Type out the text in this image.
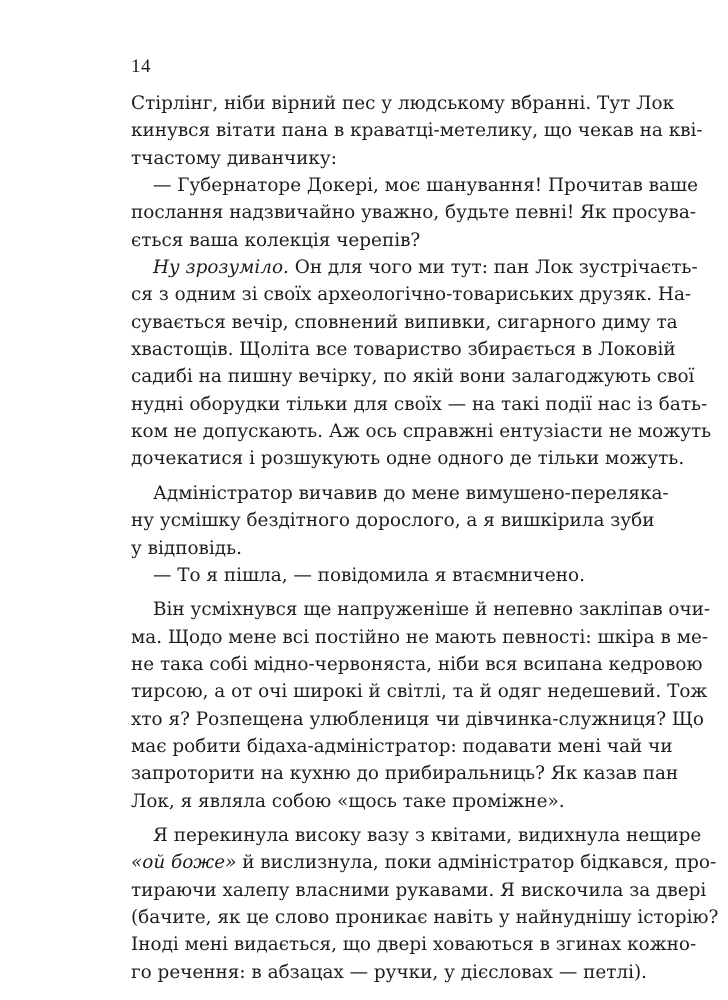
14
Стірлінг, ніби вірний пес у людському вбранні. Тут Лок
кинувся вітати пана в краватці-метелику, що чекав на кві-
тчастому диванчику:
— Губернаторе Докері, моє шанування! Прочитав ваше
послання надзвичайно уважно, будьте певні! Як просува-
ється ваша колекція черепів?
Ну зрозуміло. Он для чого ми тут: пан Лок зустрічаєть-
ся з одним зі своїх археологічно-товариських друзяк. На-
сувається вечір, сповнений випивки, сигарного диму та
хвастощів. Щоліта все товариство збирається в Локовій
садибі на пишну вечірку, по якій вони залагоджують свої
нудні оборудки тільки для своїх — на такі події нас із бать-
ком не допускають. Аж ось справжні ентузіасти не можуть
дочекатися і розшукують одне одного де тільки можуть.
Адміністратор вичавив до мене вимушено-переляка-
ну усмішку бездітного дорослого, а я вишкірила зуби
у відповідь.
— То я пішла, — повідомила я втаємничено.
Він усміхнувся ще напруженіше й непевно закліпав очи-
ма. Щодо мене всі постійно не мають певності: шкіра в ме-
не така собі мідно-червоняста, ніби вся всипана кедровою
тирсою, а от очі широкі й світлі, та й одяг недешевий. Тож
хто я? Розпещена улюблениця чи дівчинка-служниця? Що
має робити бідаха-адміністратор: подавати мені чай чи
запроторити на кухню до прибиральниць? Як казав пан
Лок, я являла собою «щось таке проміжне».
Я перекинула високу вазу з квітами, видихнула нещире
«ой боже» й вислизнула, поки адміністратор бідкався, про-
тираючи халепу власними рукавами. Я вискочила за двері
(бачите, як це слово проникає навіть у найнуднішу історію?
Іноді мені видається, що двері ховаються в згинах кожно-
го речення: в абзацах — ручки, у дієсловах — петлі).
